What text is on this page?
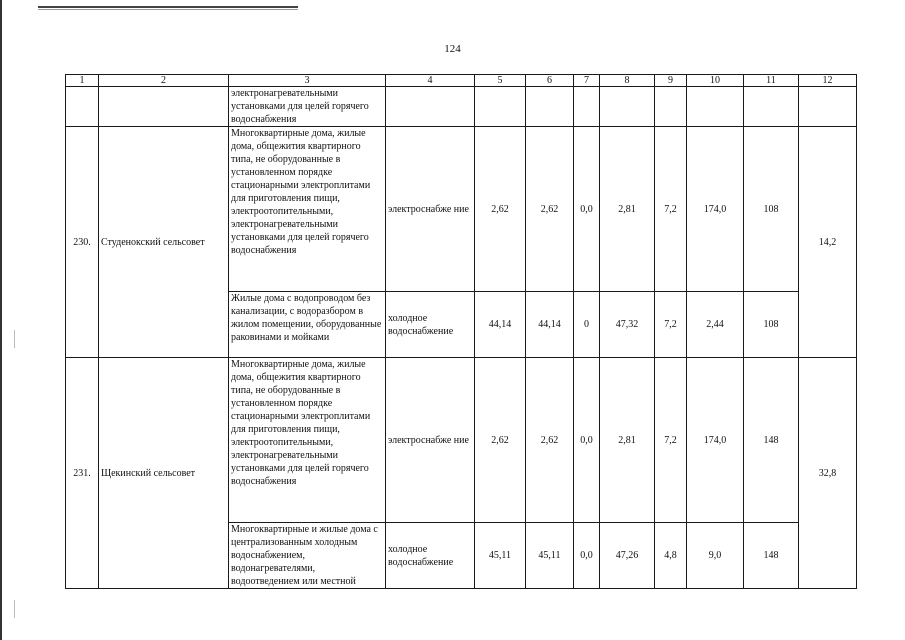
124
1	2	3	4	5	6	7	8	9	10	11	12
		электронагревательными установками для целей горячего водоснабжения									
230.	Студенокский сельсовет	Многоквартирные дома, жилые дома, общежития квартирного типа, не оборудованные в установленном порядке стационарными электроплитами для приготовления пищи, электроотопительными, электронагревательными установками для целей горячего водоснабжения	электроснабже ние	2,62	2,62	0,0	2,81	7,2	174,0	108	14,2
		Жилые дома с водопроводом без канализации, с водоразбором в жилом помещении, оборудованные раковинами и мойками	холодное водоснабжение	44,14	44,14	0	47,32	7,2	2,44	108	
231.	Щекинский сельсовет	Многоквартирные дома, жилые дома, общежития квартирного типа, не оборудованные в установленном порядке стационарными электроплитами для приготовления пищи, электроотопительными, электронагревательными установками для целей горячего водоснабжения	электроснабже ние	2,62	2,62	0,0	2,81	7,2	174,0	148	32,8
		Многоквартирные и жилые дома с централизованным холодным водоснабжением, водонагревателями, водоотведением или местной	холодное водоснабжение	45,11	45,11	0,0	47,26	4,8	9,0	148	
